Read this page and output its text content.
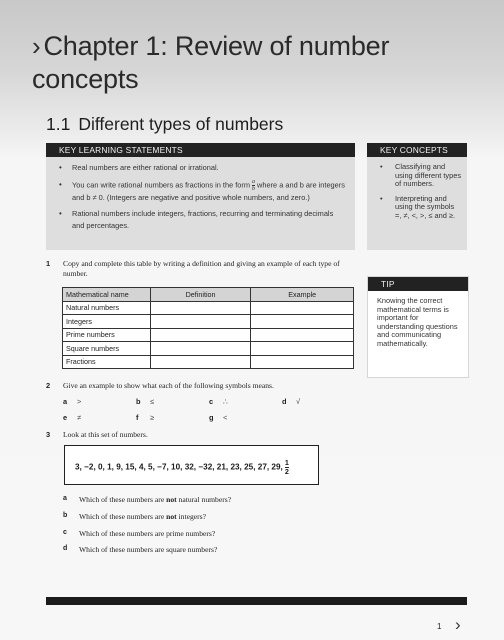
› Chapter 1: Review of number concepts
1.1 Different types of numbers
KEY LEARNING STATEMENTS
• Real numbers are either rational or irrational.
• You can write rational numbers as fractions in the form $\frac{a}{b}$ where a and b are integers and b ≠ 0. (Integers are negative and positive whole numbers, and zero.)
• Rational numbers include integers, fractions, recurring and terminating decimals and percentages.
KEY CONCEPTS
• Classifying and using different types of numbers.
• Interpreting and using the symbols =, ≠, <, >, ≤ and ≥.
TIP
Knowing the correct mathematical terms is important for understanding questions and communicating mathematically.
1 Copy and complete this table by writing a definition and giving an example of each type of number.
Mathematical name	Definition	Example
Natural numbers		
Integers		
Prime numbers		
Square numbers		
Fractions		
2 Give an example to show what each of the following symbols means.
a >	b ≤	c ∴	d √
e ≠	f ≥	g <
3 Look at this set of numbers.
3, −2, 0, 1, 9, 15, 4, 5, −7, 10, 32, −32, 21, 23, 25, 27, 29, $\frac{1}{2}$
a Which of these numbers are not natural numbers?
b Which of these numbers are not integers?
c Which of these numbers are prime numbers?
d Which of these numbers are square numbers?
1 ›
